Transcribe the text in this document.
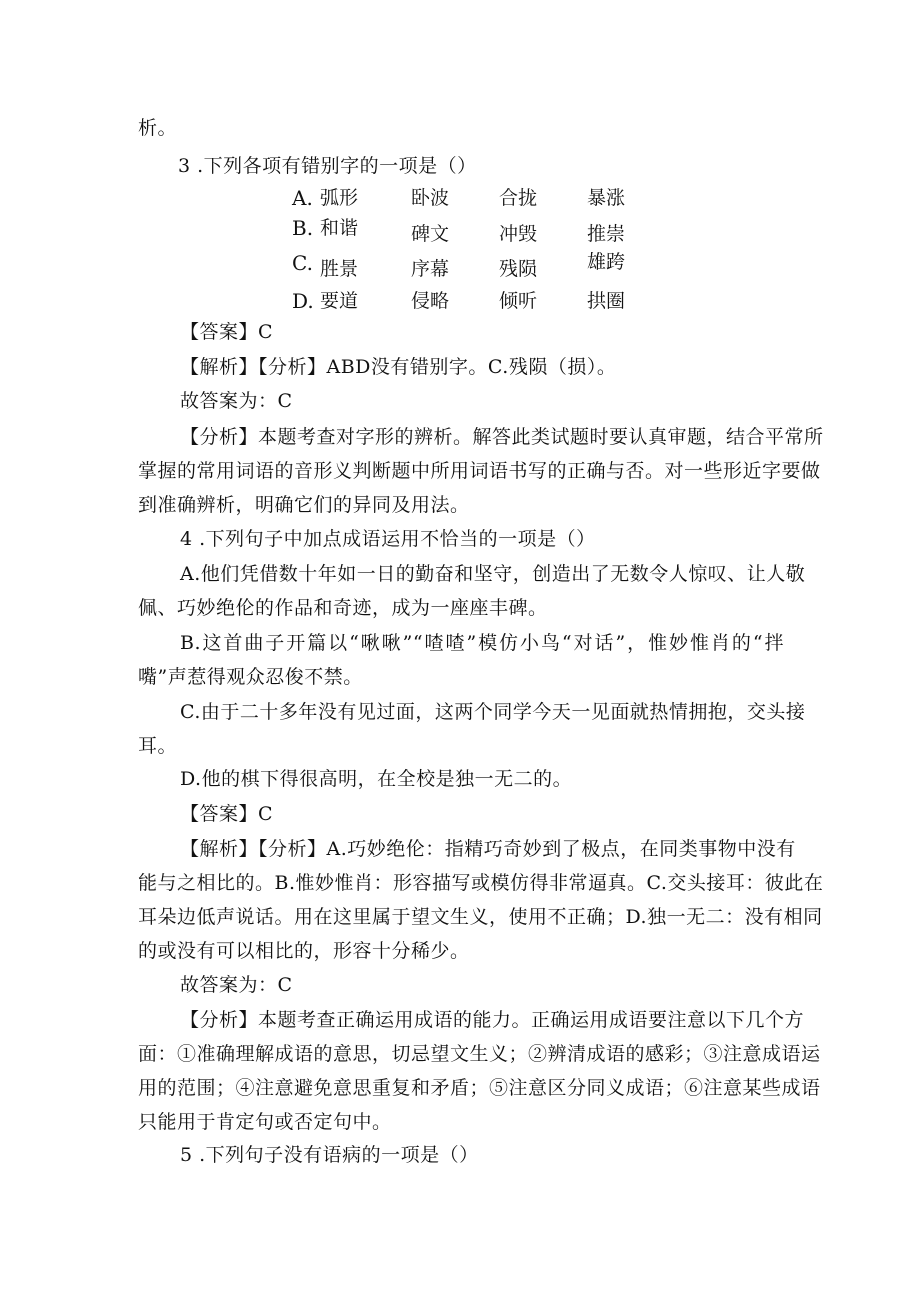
析。
3 .下列各项有错别字的一项是（）
A. 弧形	卧波	合拢	暴涨
B. 和谐	碑文	冲毁	推崇
C. 胜景	序幕	残陨	雄跨
D. 要道	侵略	倾听	拱圈
【答案】C
【解析】【分析】ABD没有错别字。C.残陨（损）。
故答案为：C
【分析】本题考查对字形的辨析。解答此类试题时要认真审题，结合平常所
掌握的常用词语的音形义判断题中所用词语书写的正确与否。对一些形近字要做
到准确辨析，明确它们的异同及用法。
4 .下列句子中加点成语运用不恰当的一项是（）
A.他们凭借数十年如一日的勤奋和坚守，创造出了无数令人惊叹、让人敬
佩、巧妙绝伦的作品和奇迹，成为一座座丰碑。
B.这首曲子开篇以“啾啾”“喳喳”模仿小鸟“对话”，惟妙惟肖的“拌
嘴”声惹得观众忍俊不禁。
C.由于二十多年没有见过面，这两个同学今天一见面就热情拥抱，交头接
耳。
D.他的棋下得很高明，在全校是独一无二的。
【答案】C
【解析】【分析】A.巧妙绝伦：指精巧奇妙到了极点，在同类事物中没有
能与之相比的。B.惟妙惟肖：形容描写或模仿得非常逼真。C.交头接耳：彼此在
耳朵边低声说话。用在这里属于望文生义，使用不正确；D.独一无二：没有相同
的或没有可以相比的，形容十分稀少。
故答案为：C
【分析】本题考查正确运用成语的能力。正确运用成语要注意以下几个方
面：①准确理解成语的意思，切忌望文生义；②辨清成语的感彩；③注意成语运
用的范围；④注意避免意思重复和矛盾；⑤注意区分同义成语；⑥注意某些成语
只能用于肯定句或否定句中。
5 .下列句子没有语病的一项是（）
